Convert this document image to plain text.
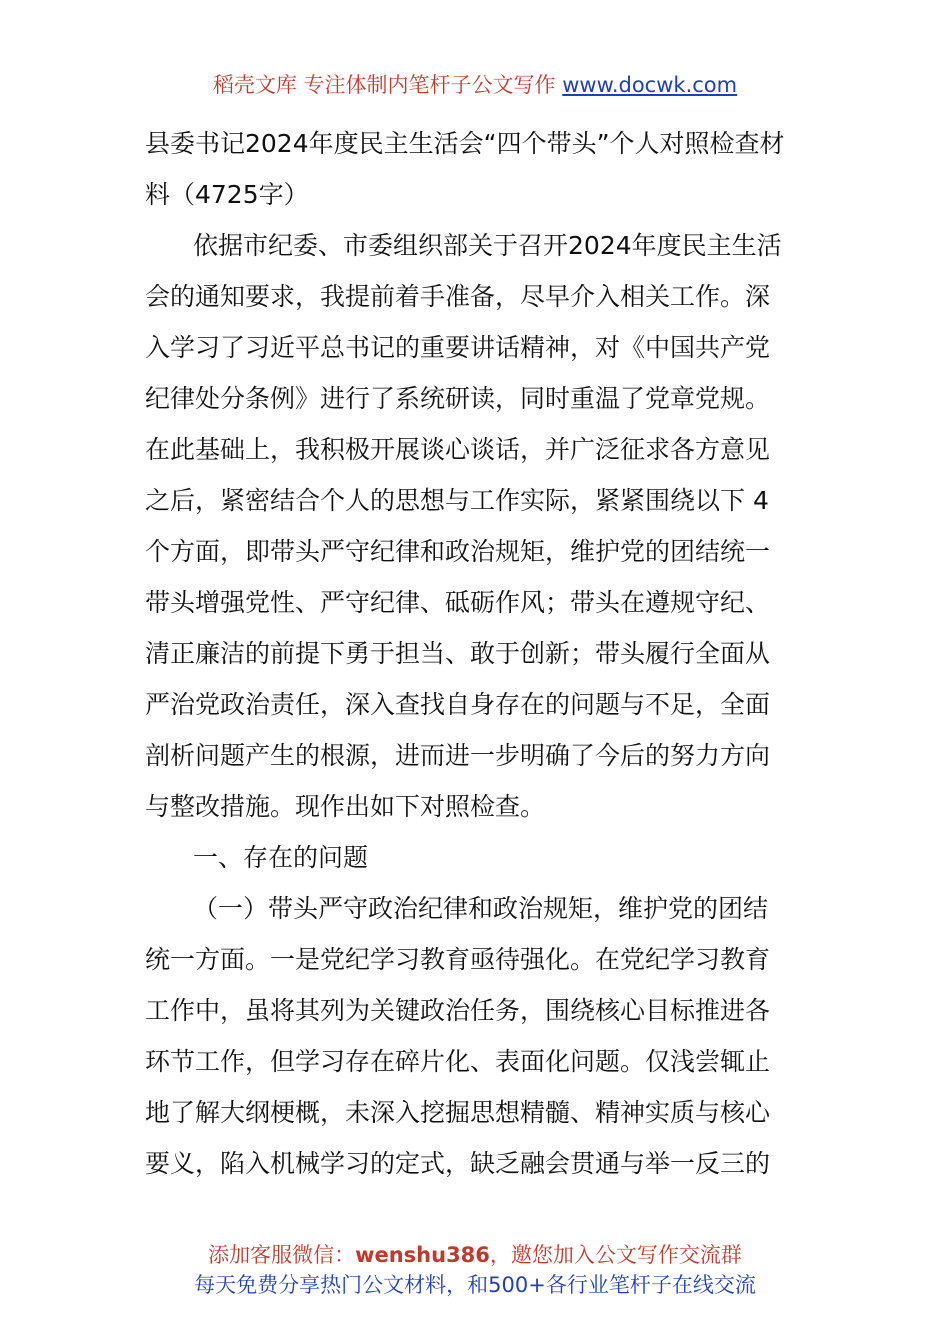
稻壳文库 专注体制内笔杆子公文写作 www.docwk.com
县委书记2024年度民主生活会“四个带头”个人对照检查材
料（4725字）
依据市纪委、市委组织部关于召开2024年度民主生活
会的通知要求，我提前着手准备，尽早介入相关工作。深
入学习了习近平总书记的重要讲话精神，对《中国共产党
纪律处分条例》进行了系统研读，同时重温了党章党规。
在此基础上，我积极开展谈心谈话，并广泛征求各方意见
之后，紧密结合个人的思想与工作实际，紧紧围绕以下 4
个方面，即带头严守纪律和政治规矩，维护党的团结统一
带头增强党性、严守纪律、砥砺作风；带头在遵规守纪、
清正廉洁的前提下勇于担当、敢于创新；带头履行全面从
严治党政治责任，深入查找自身存在的问题与不足，全面
剖析问题产生的根源，进而进一步明确了今后的努力方向
与整改措施。现作出如下对照检查。
一、存在的问题
（一）带头严守政治纪律和政治规矩，维护党的团结
统一方面。一是党纪学习教育亟待强化。在党纪学习教育
工作中，虽将其列为关键政治任务，围绕核心目标推进各
环节工作，但学习存在碎片化、表面化问题。仅浅尝辄止
地了解大纲梗概，未深入挖掘思想精髓、精神实质与核心
要义，陷入机械学习的定式，缺乏融会贯通与举一反三的
添加客服微信：wenshu386，邀您加入公文写作交流群
每天免费分享热门公文材料，和500+各行业笔杆子在线交流
